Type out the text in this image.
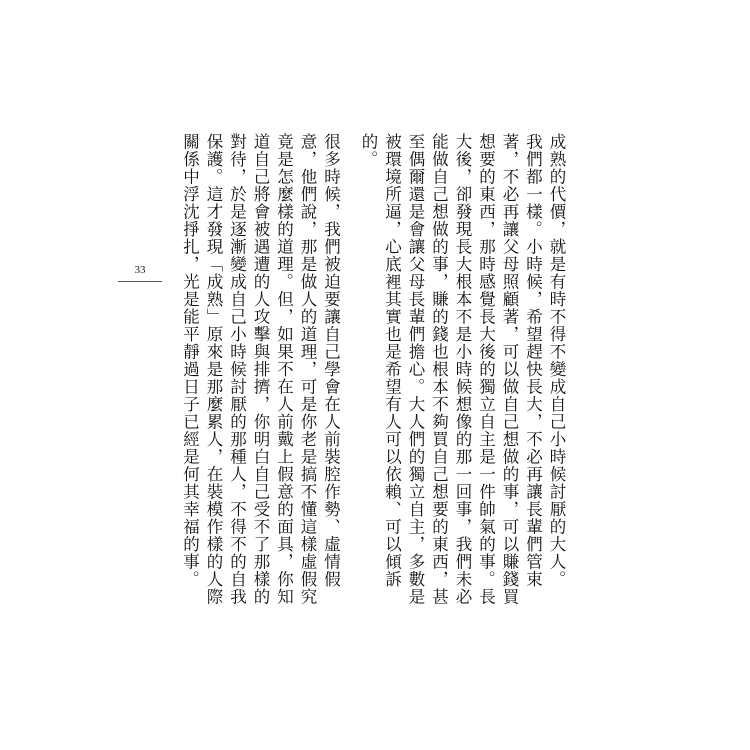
33	成熟的代價，就是有時不得不變成自己小時候討厭的大人。

我們都一樣。小時候，希望趕快長大，不必再讓長輩們管束著，不必再讓父母照顧著，可以做自己想做的事，可以賺錢買想要的東西，那時感覺長大後的獨立自主是一件帥氣的事。長大後，卻發現長大根本不是小時候想像的那一回事，我們未必能做自己想做的事，賺的錢也根本不夠買自己想要的東西，甚至偶爾還是會讓父母長輩們擔心。大人們的獨立自主，多數是被環境所逼，心底裡其實也是希望有人可以依賴、可以傾訴的。

很多時候，我們被迫要讓自己學會在人前裝腔作勢、虛情假意，他們說，那是做人的道理，可是你老是搞不懂這樣虛假究竟是怎麼樣的道理。但，如果不在人前戴上假意的面具，你知道自己將會被遇遭的人攻擊與排擠，你明白自己受不了那樣的對待，於是逐漸變成自己小時候討厭的那種人，不得不的自我保護。這才發現「成熟」原來是那麼累人，在裝模作樣的人際關係中浮沈掙扎，光是能平靜過日子已經是何其幸福的事。
